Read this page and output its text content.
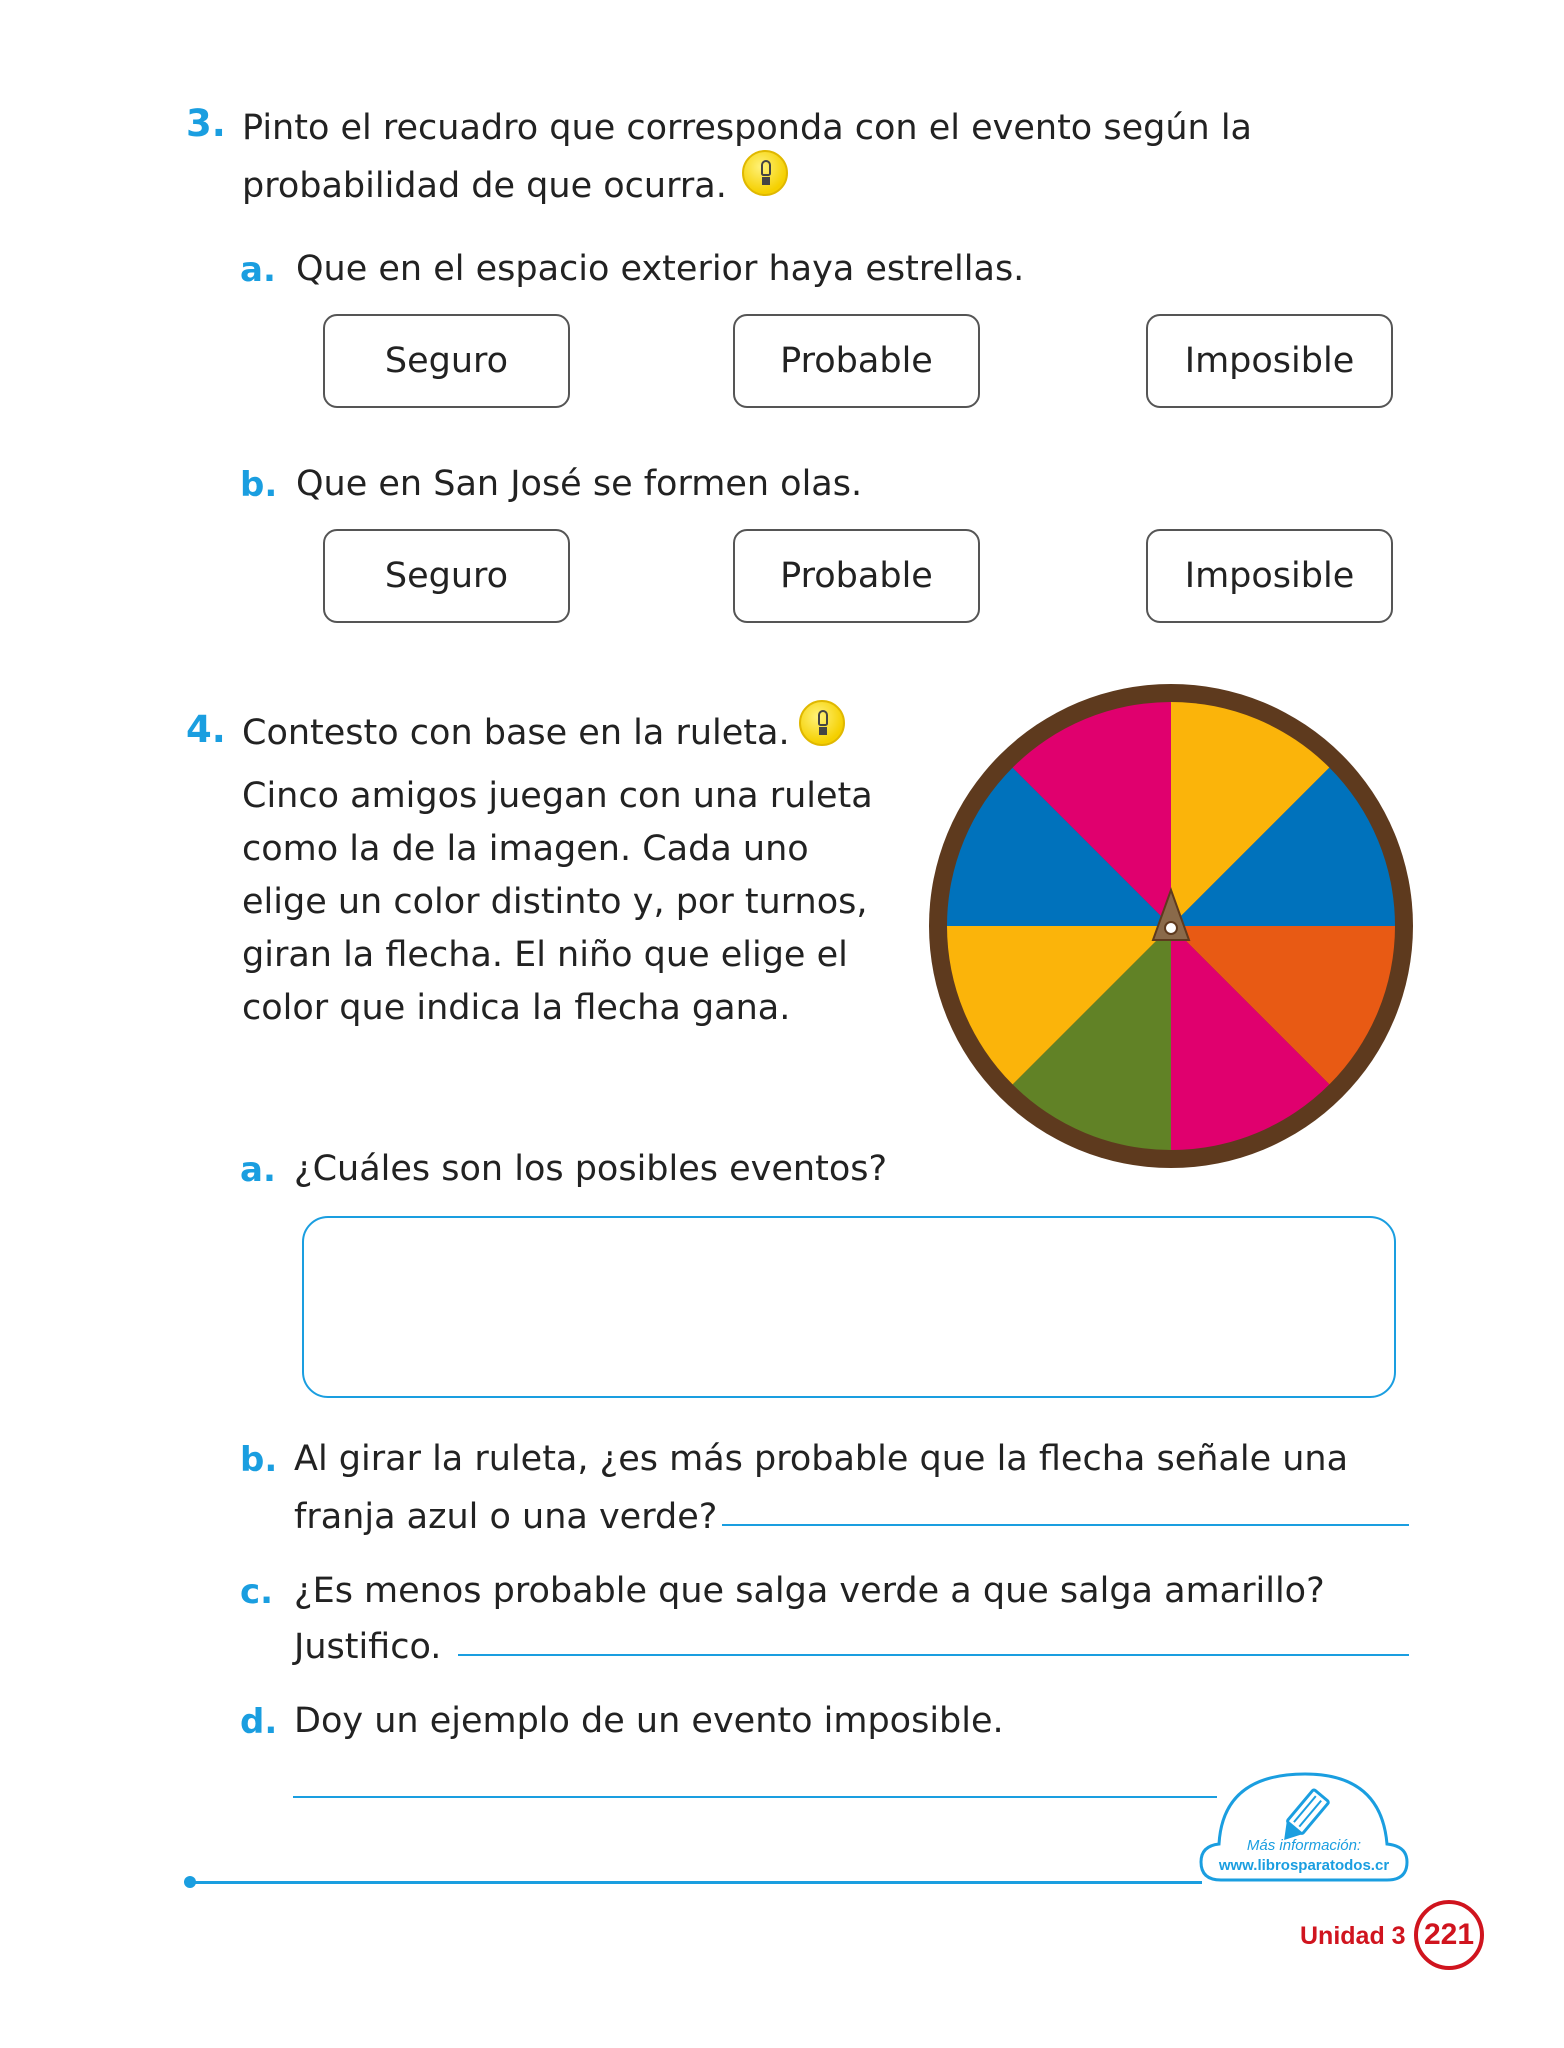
3. Pinto el recuadro que corresponda con el evento según la
probabilidad de que ocurra.
a. Que en el espacio exterior haya estrellas.
Seguro	Probable	Imposible
b. Que en San José se formen olas.
Seguro	Probable	Imposible
4. Contesto con base en la ruleta.
Cinco amigos juegan con una ruleta
como la de la imagen. Cada uno
elige un color distinto y, por turnos,
giran la flecha. El niño que elige el
color que indica la flecha gana.
a. ¿Cuáles son los posibles eventos?
b. Al girar la ruleta, ¿es más probable que la flecha señale una
franja azul o una verde?
c. ¿Es menos probable que salga verde a que salga amarillo?
Justifico.
d. Doy un ejemplo de un evento imposible.
Más información:
www.librosparatodos.cr
Unidad 3 221
